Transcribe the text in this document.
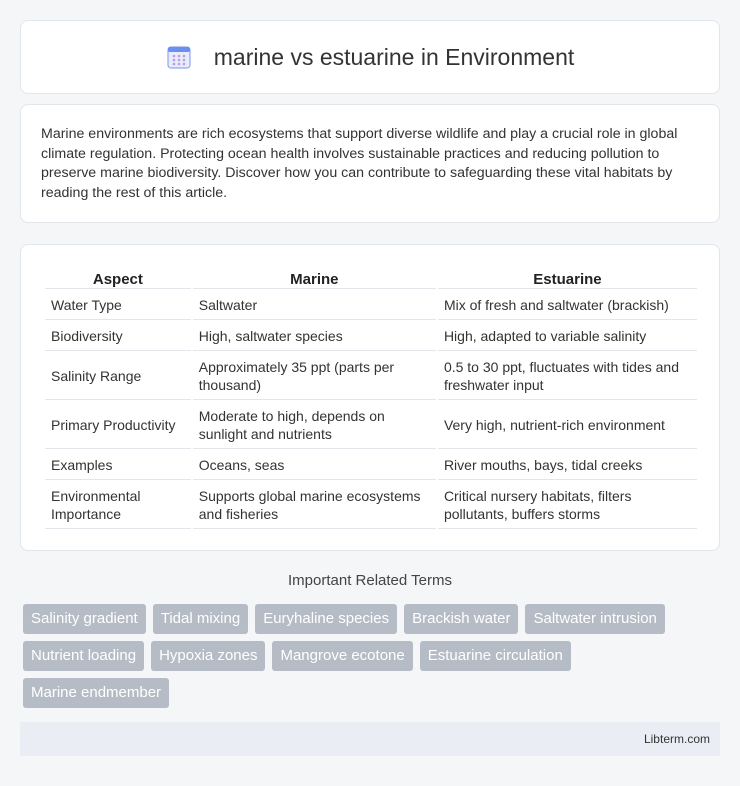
marine vs estuarine in Environment

Marine environments are rich ecosystems that support diverse wildlife and play a crucial role in global climate regulation. Protecting ocean health involves sustainable practices and reducing pollution to preserve marine biodiversity. Discover how you can contribute to safeguarding these vital habitats by reading the rest of this article.

Aspect	Marine	Estuarine
Water Type	Saltwater	Mix of fresh and saltwater (brackish)
Biodiversity	High, saltwater species	High, adapted to variable salinity
Salinity Range	Approximately 35 ppt (parts per thousand)	0.5 to 30 ppt, fluctuates with tides and freshwater input
Primary Productivity	Moderate to high, depends on sunlight and nutrients	Very high, nutrient-rich environment
Examples	Oceans, seas	River mouths, bays, tidal creeks
Environmental Importance	Supports global marine ecosystems and fisheries	Critical nursery habitats, filters pollutants, buffers storms
Important Related Terms
Salinity gradient	Tidal mixing	Euryhaline species	Brackish water	Saltwater intrusion
Nutrient loading	Hypoxia zones	Mangrove ecotone	Estuarine circulation
Marine endmember
Libterm.com
